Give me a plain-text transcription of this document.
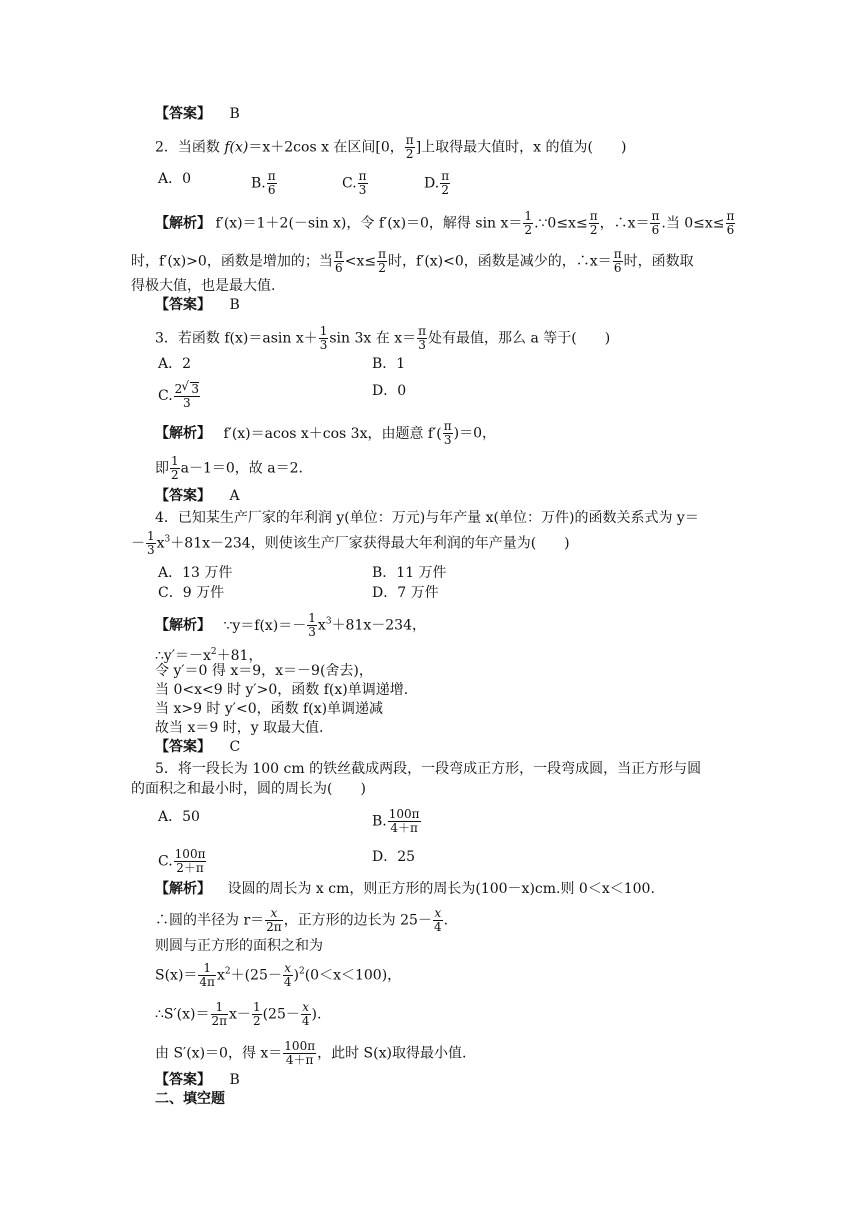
【答案】 B
2．当函数 f(x)＝x＋2cos x 在区间[0， $\frac{\pi}{2}$ ]上取得最大值时，x 的值为(　　)
A．0	B. $\frac{\pi}{6}$	C. $\frac{\pi}{3}$	D. $\frac{\pi}{2}$
【解析】 f′(x)＝1＋2(－sin x)，令 f′(x)＝0，解得 $\sin x= \frac{1}{2}$ .∵0≤x≤ $\frac{\pi}{2}$ ，∴x＝ $\frac{\pi}{6}$ .当 $0\le x\le \frac{\pi}{6}$
时，f′(x)>0，函数是增加的；当 $\frac{\pi}{6} <x\le \frac{\pi}{2}$ 时，f′(x)<0，函数是减少的，∴x＝ $\frac{\pi}{6}$ 时，函数取
得极大值，也是最大值.
【答案】 B
3．若函数 f(x)＝asin $x+ \frac{1}{3}$ sin 3x 在 $x= \frac{\pi}{3}$ 处有最值，那么 a 等于(　　)
A．2	B．1
C. $\frac{2√ 3}{3}$	D．0
【解析】 f′(x)＝acos x＋cos 3x，由题意 $f'( \frac{\pi}{3} )=0$，
即 $\frac{1}{2} a-1=0$，故 a＝2.
【答案】 A
4．已知某生产厂家的年利润 y(单位：万元)与年产量 x(单位：万件)的函数关系式为 y＝
－ $\frac{1}{3} x^3+81x-234$，则使该生产厂家获得最大年利润的年产量为(　　)
A．13 万件	B．11 万件
C．9 万件	D．7 万件
【解析】 ∵y＝f(x)＝－ $\frac{1}{3} x^3+81x-234$，
$\therefore y'=-x^2+81$，
令 y′＝0 得 x＝9，x＝－9(舍去)，
当 0<x<9 时 y′>0，函数 f(x)单调递增.
当 x>9 时 y′<0，函数 f(x)单调递减
故当 x＝9 时，y 取最大值.
【答案】 C
5．将一段长为 100 cm 的铁丝截成两段，一段弯成正方形，一段弯成圆，当正方形与圆
的面积之和最小时，圆的周长为(　　)
A．50	B. $\frac{100\pi}{4+\pi}$
C. $\frac{100\pi}{2+\pi}$	D．25
【解析】 设圆的周长为 x cm，则正方形的周长为(100－x)cm.则 0＜x＜100.
∴圆的半径为 $r= \frac{x}{2\pi}$ ，正方形的边长为 $25- \frac{x}{4}$ .
则圆与正方形的面积之和为
$S(x)= \frac{1}{4\pi} x^2+(25- \frac{x}{4} )^2(0<x<100)$，
∴S′(x)＝ $\frac{1}{2\pi} x- \frac{1}{2} (25- \frac{x}{4}$ ).
由 S′(x)＝0，得 $x= \frac{100\pi}{4+\pi}$ ，此时 S(x)取得最小值.
【答案】 B
二、填空题
